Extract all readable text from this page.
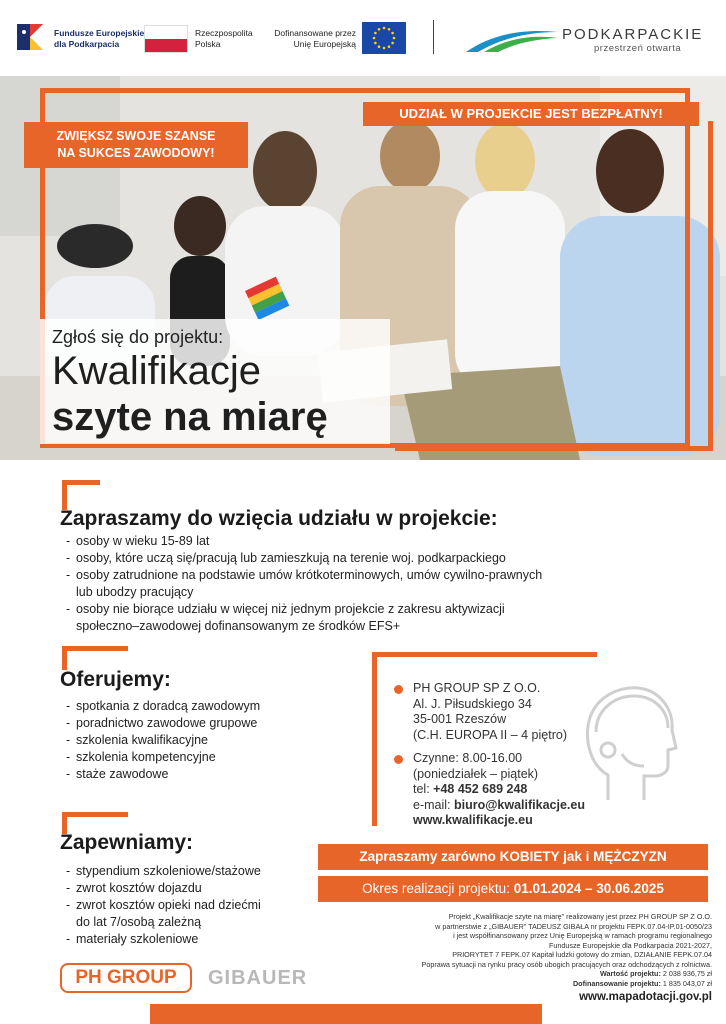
Fundusze Europejskie
dla Podkarpacia
Rzeczpospolita
Polska
Dofinansowane przez
Unię Europejską
PODKARPACKIE
przestrzeń otwarta
UDZIAŁ W PROJEKCIE JEST BEZPŁATNY!
ZWIĘKSZ SWOJE SZANSE
NA SUKCES ZAWODOWY!
Zgłoś się do projektu:
Kwalifikacje
szyte na miarę
Zapraszamy do wzięcia udziału w projekcie:
- osoby w wieku 15-89 lat
- osoby, które uczą się/pracują lub zamieszkują na terenie woj. podkarpackiego
- osoby zatrudnione na podstawie umów krótkoterminowych, umów cywilno-prawnych
- lub ubodzy pracujący
- osoby nie biorące udziału w więcej niż jednym projekcie z zakresu aktywizacji
- społeczno–zawodowej dofinansowanym ze środków EFS+
Oferujemy:
- spotkania z doradcą zawodowym
- poradnictwo zawodowe grupowe
- szkolenia kwalifikacyjne
- szkolenia kompetencyjne
- staże zawodowe
PH GROUP SP Z O.O.
Al. J. Piłsudskiego 34
35-001 Rzeszów
(C.H. EUROPA II – 4 piętro)
Czynne: 8.00-16.00
(poniedziałek – piątek)
tel: +48 452 689 248
e-mail: biuro@kwalifikacje.eu
www.kwalifikacje.eu
Zapewniamy:
- stypendium szkoleniowe/stażowe
- zwrot kosztów dojazdu
- zwrot kosztów opieki nad dziećmi
- do lat 7/osobą zależną
- materiały szkoleniowe
Zapraszamy zarówno KOBIETY jak i MĘŻCZYZN
Okres realizacji projektu: 01.01.2024 – 30.06.2025
Projekt „Kwalifikacje szyte na miarę” realizowany jest przez PH GROUP SP Z O.O.
w partnerstwie z „GIBAUER” TADEUSZ GIBAŁA nr projektu FEPK.07.04-IP.01-0050/23
i jest współfinansowany przez Unię Europejską w ramach programu regionalnego
Fundusze Europejskie dla Podkarpacia 2021-2027,
PRIORYTET 7 FEPK.07 Kapitał ludzki gotowy do zmian, DZIAŁANIE FEPK.07.04
Poprawa sytuacji na rynku pracy osób ubogich pracujących oraz odchodzących z rolnictwa.
Wartość projektu: 2 038 936,75 zł
Dofinansowanie projektu: 1 835 043,07 zł
www.mapadotacji.gov.pl
PH GROUP	GIBAUER
